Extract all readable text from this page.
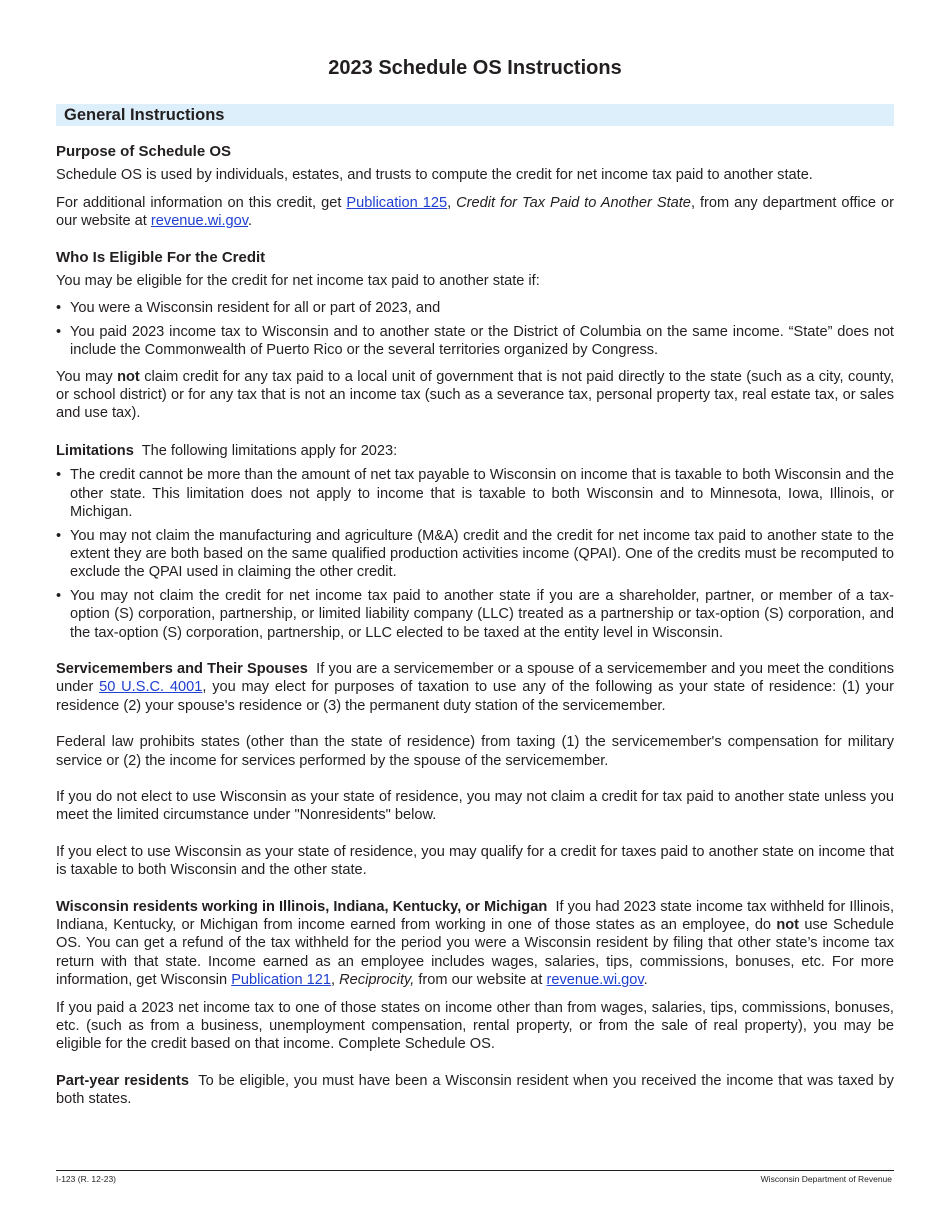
2023 Schedule OS Instructions
General Instructions
Purpose of Schedule OS

Schedule OS is used by individuals, estates, and trusts to compute the credit for net income tax paid to another state.

For additional information on this credit, get Publication 125, Credit for Tax Paid to Another State, from any department office or our website at revenue.wi.gov.

Who Is Eligible For the Credit

You may be eligible for the credit for net income tax paid to another state if:

• You were a Wisconsin resident for all or part of 2023, and
• You paid 2023 income tax to Wisconsin and to another state or the District of Columbia on the same income. “State” does not include the Commonwealth of Puerto Rico or the several territories organized by Congress.

You may not claim credit for any tax paid to a local unit of government that is not paid directly to the state (such as a city, county, or school district) or for any tax that is not an income tax (such as a severance tax, personal property tax, real estate tax, or sales and use tax).

Limitations  The following limitations apply for 2023:

• The credit cannot be more than the amount of net tax payable to Wisconsin on income that is taxable to both Wisconsin and the other state. This limitation does not apply to income that is taxable to both Wisconsin and to Minnesota, Iowa, Illinois, or Michigan.
• You may not claim the manufacturing and agriculture (M&A) credit and the credit for net income tax paid to another state to the extent they are both based on the same qualified production activities income (QPAI). One of the credits must be recomputed to exclude the QPAI used in claiming the other credit.
• You may not claim the credit for net income tax paid to another state if you are a shareholder, partner, or member of a tax-option (S) corporation, partnership, or limited liability company (LLC) treated as a partnership or tax-option (S) corporation, and the tax-option (S) corporation, partnership, or LLC elected to be taxed at the entity level in Wisconsin.

Servicemembers and Their Spouses  If you are a servicemember or a spouse of a servicemember and you meet the conditions under 50 U.S.C. 4001, you may elect for purposes of taxation to use any of the following as your state of residence: (1) your residence (2) your spouse's residence or (3) the permanent duty station of the servicemember.

Federal law prohibits states (other than the state of residence) from taxing (1) the servicemember's compensation for military service or (2) the income for services performed by the spouse of the servicemember.

If you do not elect to use Wisconsin as your state of residence, you may not claim a credit for tax paid to another state unless you meet the limited circumstance under "Nonresidents" below.

If you elect to use Wisconsin as your state of residence, you may qualify for a credit for taxes paid to another state on income that is taxable to both Wisconsin and the other state.

Wisconsin residents working in Illinois, Indiana, Kentucky, or Michigan  If you had 2023 state income tax withheld for Illinois, Indiana, Kentucky, or Michigan from income earned from working in one of those states as an employee, do not use Schedule OS. You can get a refund of the tax withheld for the period you were a Wisconsin resident by filing that other state’s income tax return with that state. Income earned as an employee includes wages, salaries, tips, commissions, bonuses, etc. For more information, get Wisconsin Publication 121, Reciprocity, from our website at revenue.wi.gov.

If you paid a 2023 net income tax to one of those states on income other than from wages, salaries, tips, commissions, bonuses, etc. (such as from a business, unemployment compensation, rental property, or from the sale of real property), you may be eligible for the credit based on that income. Complete Schedule OS.

Part-year residents  To be eligible, you must have been a Wisconsin resident when you received the income that was taxed by both states.

I-123 (R. 12-23)	Wisconsin Department of Revenue
